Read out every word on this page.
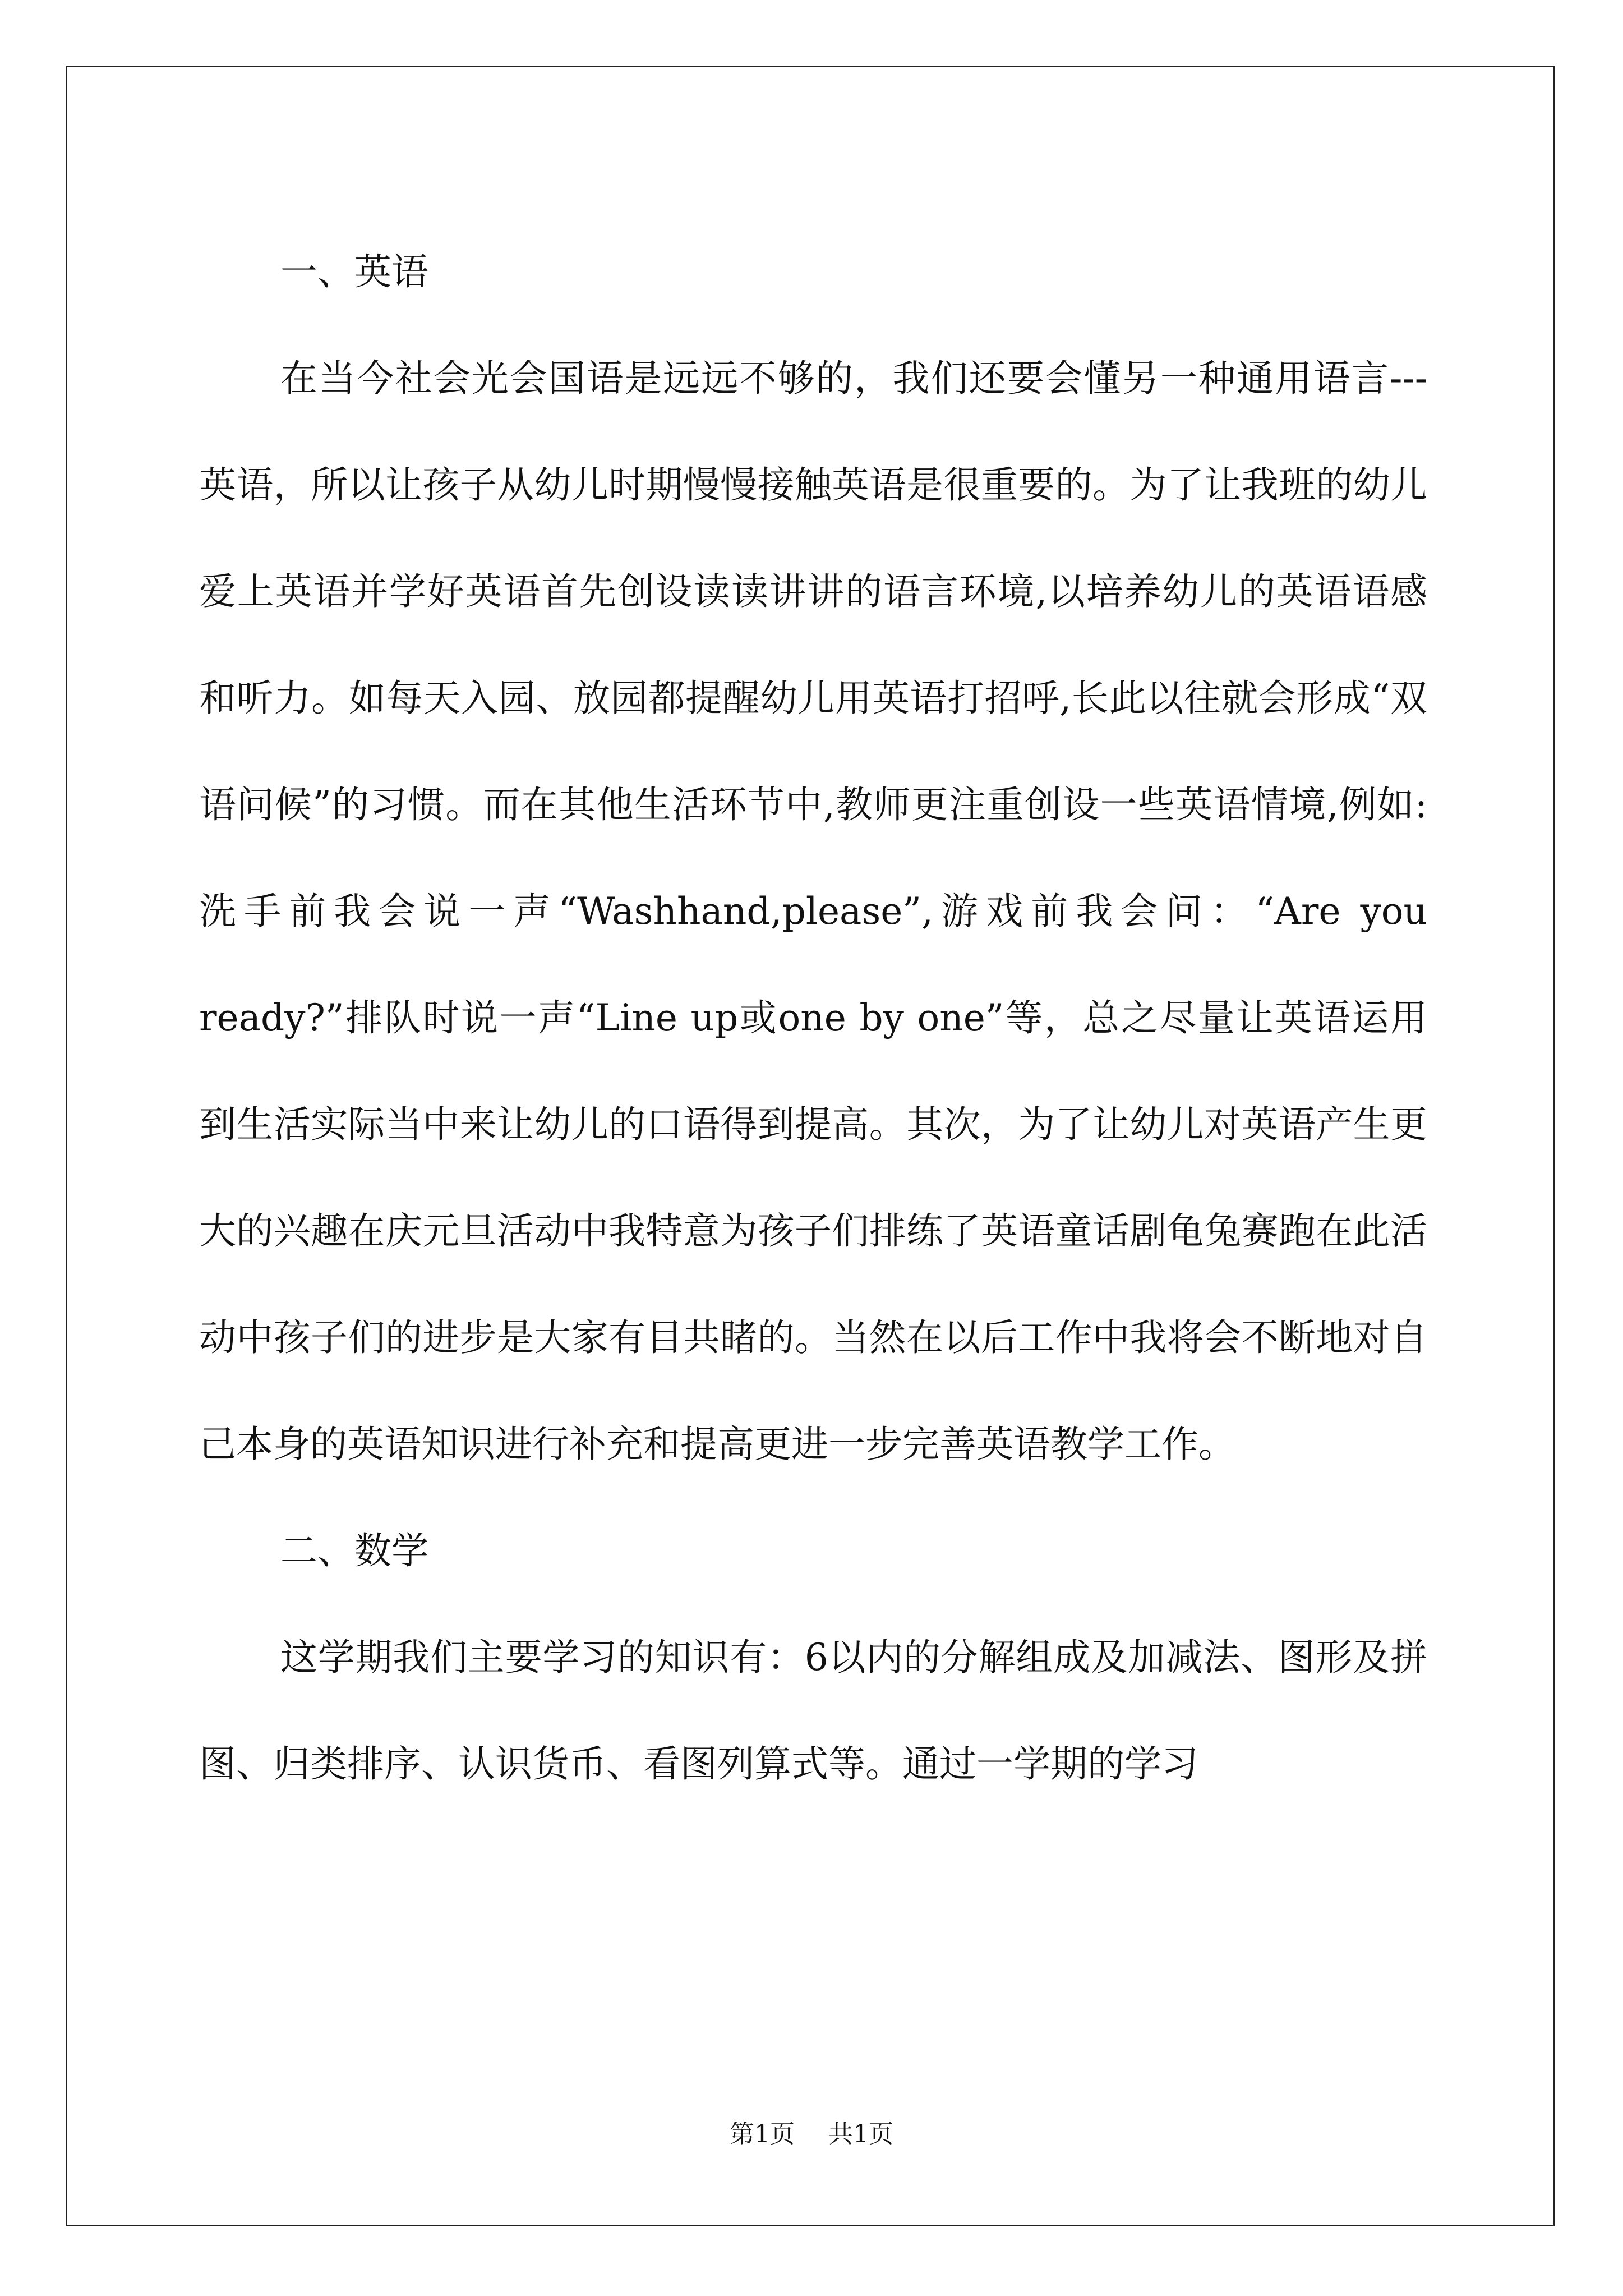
一、英语

在当今社会光会国语是远远不够的，我们还要会懂另一种通用语言---英语，所以让孩子从幼儿时期慢慢接触英语是很重要的。为了让我班的幼儿爱上英语并学好英语首先创设读读讲讲的语言环境,以培养幼儿的英语语感和听力。如每天入园、放园都提醒幼儿用英语打招呼,长此以往就会形成“双语问候”的习惯。而在其他生活环节中,教师更注重创设一些英语情境,例如:洗手前我会说一声“Washhand,please”,游戏前我会问：“Are you ready?”排队时说一声“Line up或one by one”等，总之尽量让英语运用到生活实际当中来让幼儿的口语得到提高。其次，为了让幼儿对英语产生更大的兴趣在庆元旦活动中我特意为孩子们排练了英语童话剧龟兔赛跑在此活动中孩子们的进步是大家有目共睹的。当然在以后工作中我将会不断地对自己本身的英语知识进行补充和提高更进一步完善英语教学工作。

二、数学

这学期我们主要学习的知识有：6以内的分解组成及加减法、图形及拼图、归类排序、认识货币、看图列算式等。通过一学期的学习

第1页 共1页
